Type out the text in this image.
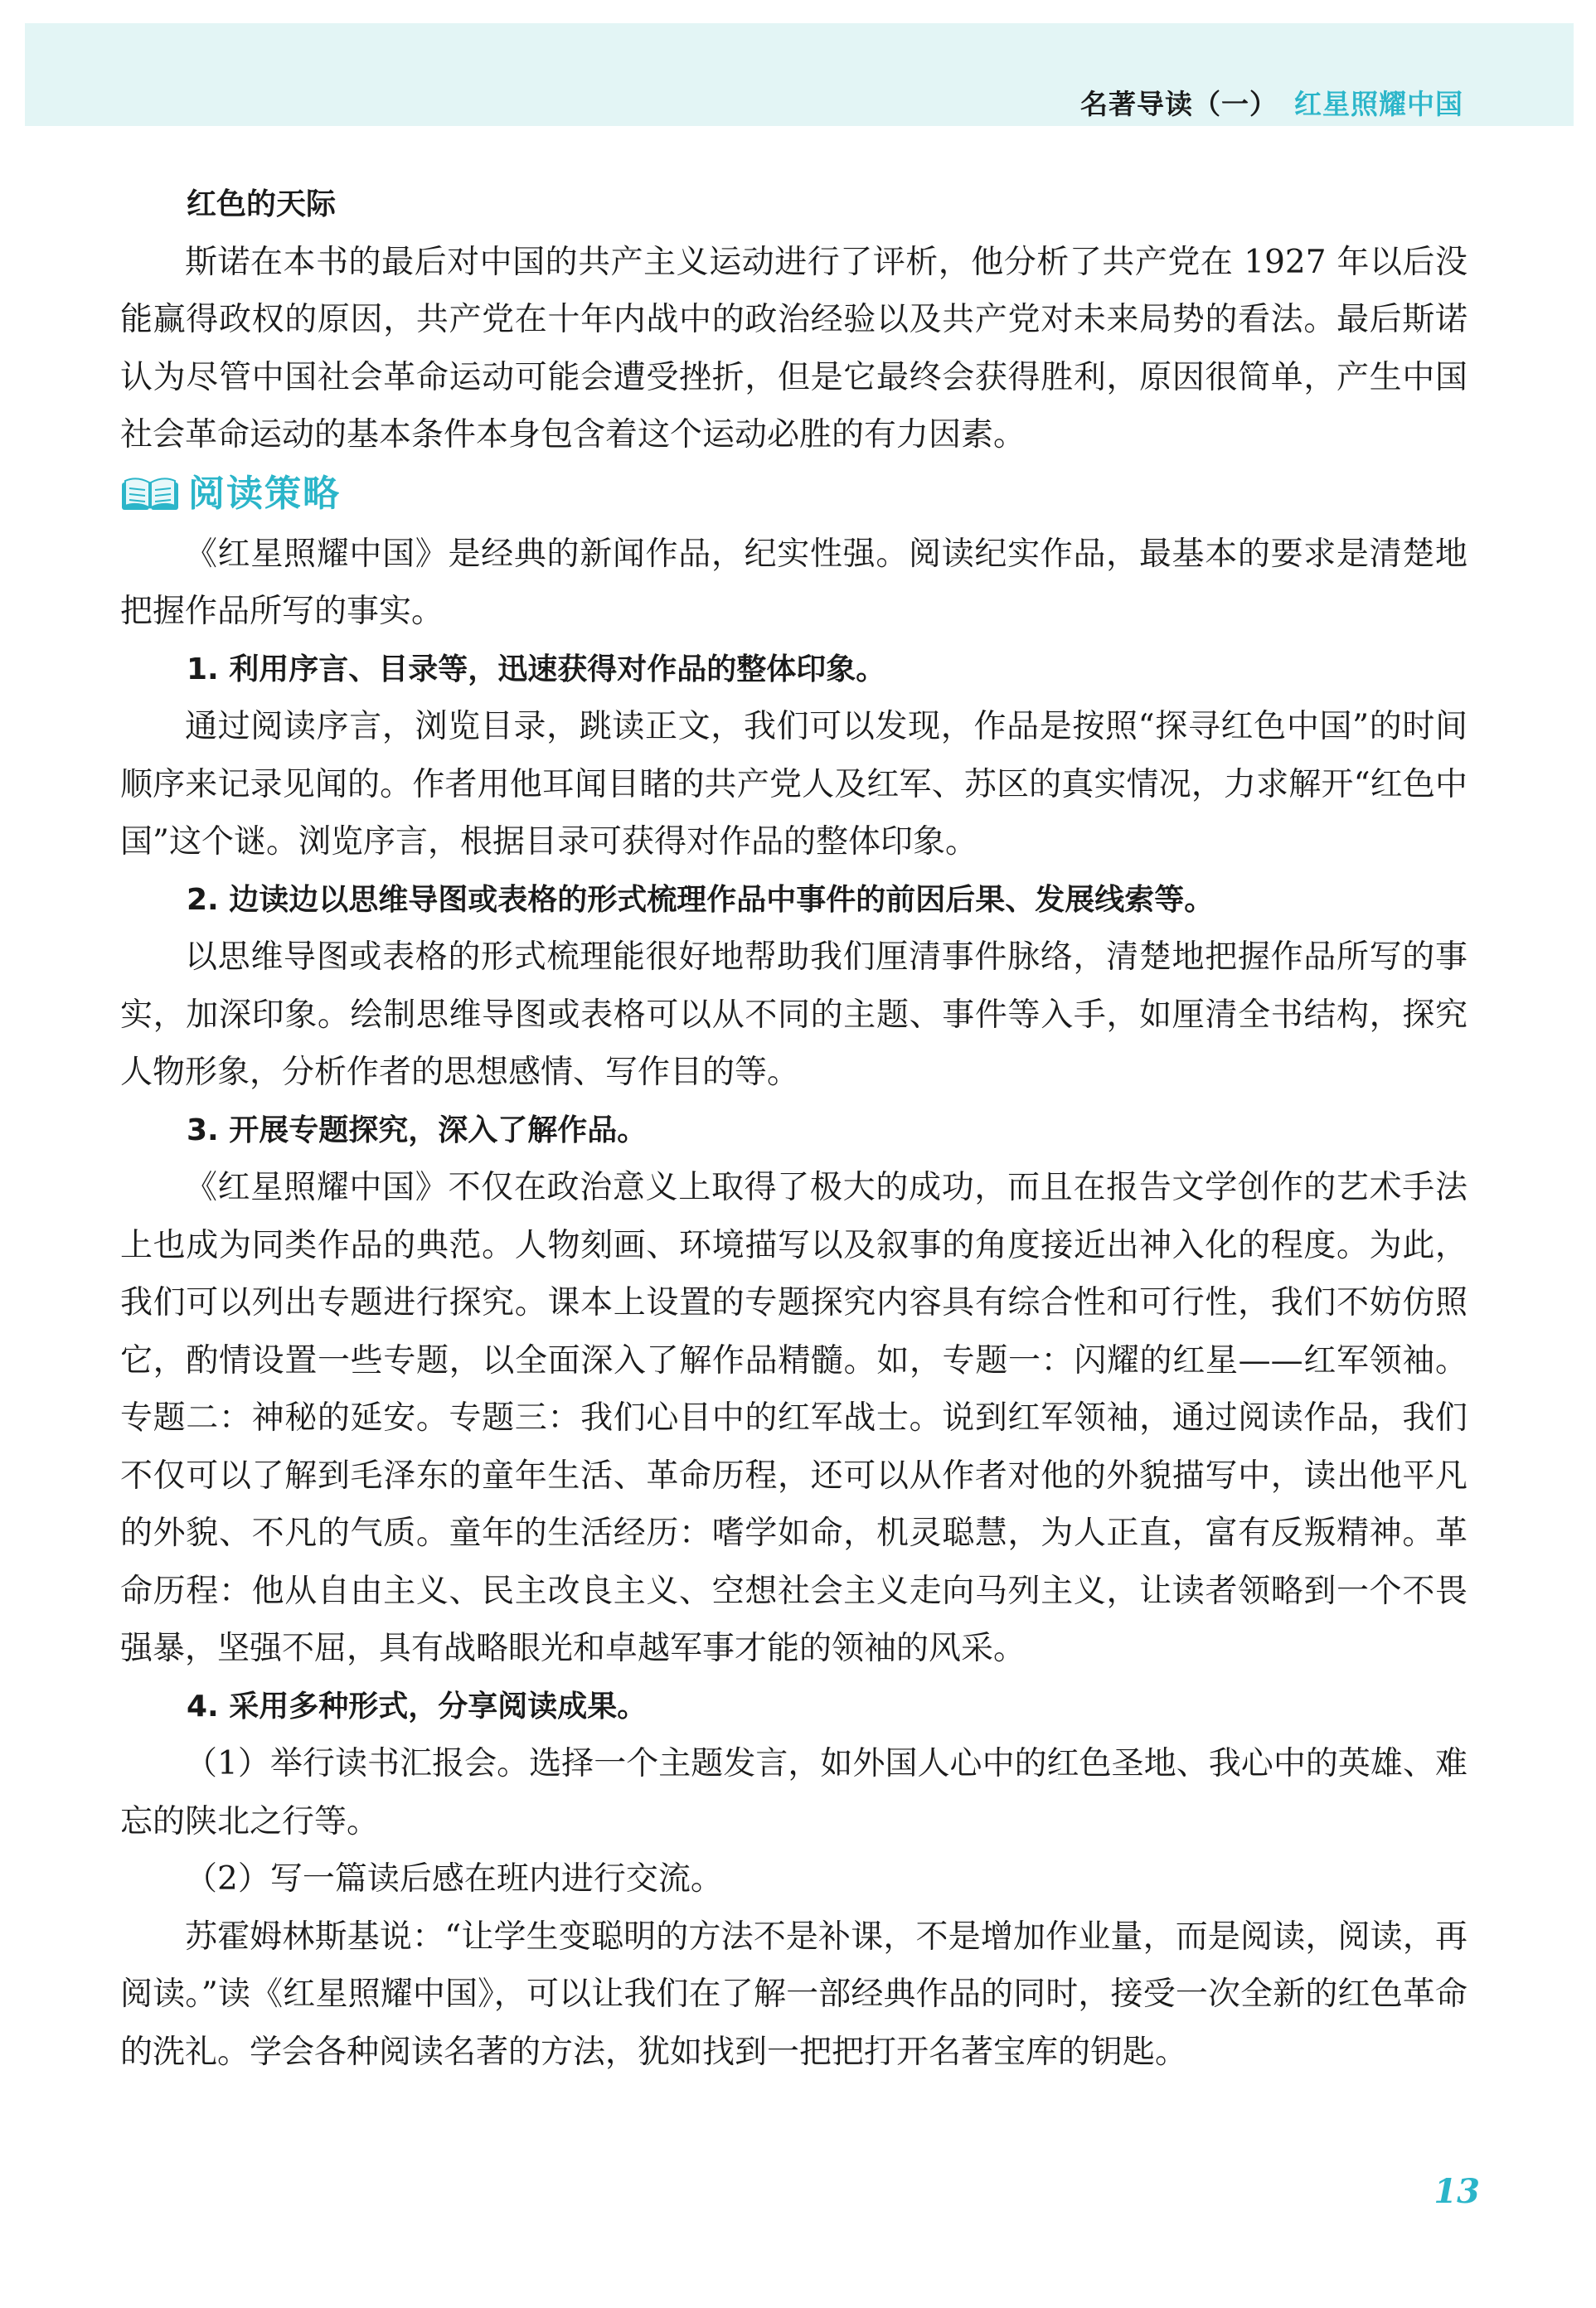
名著导读（一） 红星照耀中国

红色的天际

斯诺在本书的最后对中国的共产主义运动进行了评析，他分析了共产党在 1927 年以后没能赢得政权的原因，共产党在十年内战中的政治经验以及共产党对未来局势的看法。最后斯诺认为尽管中国社会革命运动可能会遭受挫折，但是它最终会获得胜利，原因很简单，产生中国社会革命运动的基本条件本身包含着这个运动必胜的有力因素。

阅读策略

《红星照耀中国》是经典的新闻作品，纪实性强。阅读纪实作品，最基本的要求是清楚地把握作品所写的事实。

1. 利用序言、目录等，迅速获得对作品的整体印象。

通过阅读序言，浏览目录，跳读正文，我们可以发现，作品是按照“探寻红色中国”的时间顺序来记录见闻的。作者用他耳闻目睹的共产党人及红军、苏区的真实情况，力求解开“红色中国”这个谜。浏览序言，根据目录可获得对作品的整体印象。

2. 边读边以思维导图或表格的形式梳理作品中事件的前因后果、发展线索等。

以思维导图或表格的形式梳理能很好地帮助我们厘清事件脉络，清楚地把握作品所写的事实，加深印象。绘制思维导图或表格可以从不同的主题、事件等入手，如厘清全书结构，探究人物形象，分析作者的思想感情、写作目的等。

3. 开展专题探究，深入了解作品。

《红星照耀中国》不仅在政治意义上取得了极大的成功，而且在报告文学创作的艺术手法上也成为同类作品的典范。人物刻画、环境描写以及叙事的角度接近出神入化的程度。为此，我们可以列出专题进行探究。课本上设置的专题探究内容具有综合性和可行性，我们不妨仿照它，酌情设置一些专题，以全面深入了解作品精髓。如，专题一：闪耀的红星——红军领袖。专题二：神秘的延安。专题三：我们心目中的红军战士。说到红军领袖，通过阅读作品，我们不仅可以了解到毛泽东的童年生活、革命历程，还可以从作者对他的外貌描写中，读出他平凡的外貌、不凡的气质。童年的生活经历：嗜学如命，机灵聪慧，为人正直，富有反叛精神。革命历程：他从自由主义、民主改良主义、空想社会主义走向马列主义，让读者领略到一个不畏强暴，坚强不屈，具有战略眼光和卓越军事才能的领袖的风采。

4. 采用多种形式，分享阅读成果。

（1）举行读书汇报会。选择一个主题发言，如外国人心中的红色圣地、我心中的英雄、难忘的陕北之行等。

（2）写一篇读后感在班内进行交流。

苏霍姆林斯基说：“让学生变聪明的方法不是补课，不是增加作业量，而是阅读，阅读，再阅读。”读《红星照耀中国》，可以让我们在了解一部经典作品的同时，接受一次全新的红色革命的洗礼。学会各种阅读名著的方法，犹如找到一把把打开名著宝库的钥匙。

13
